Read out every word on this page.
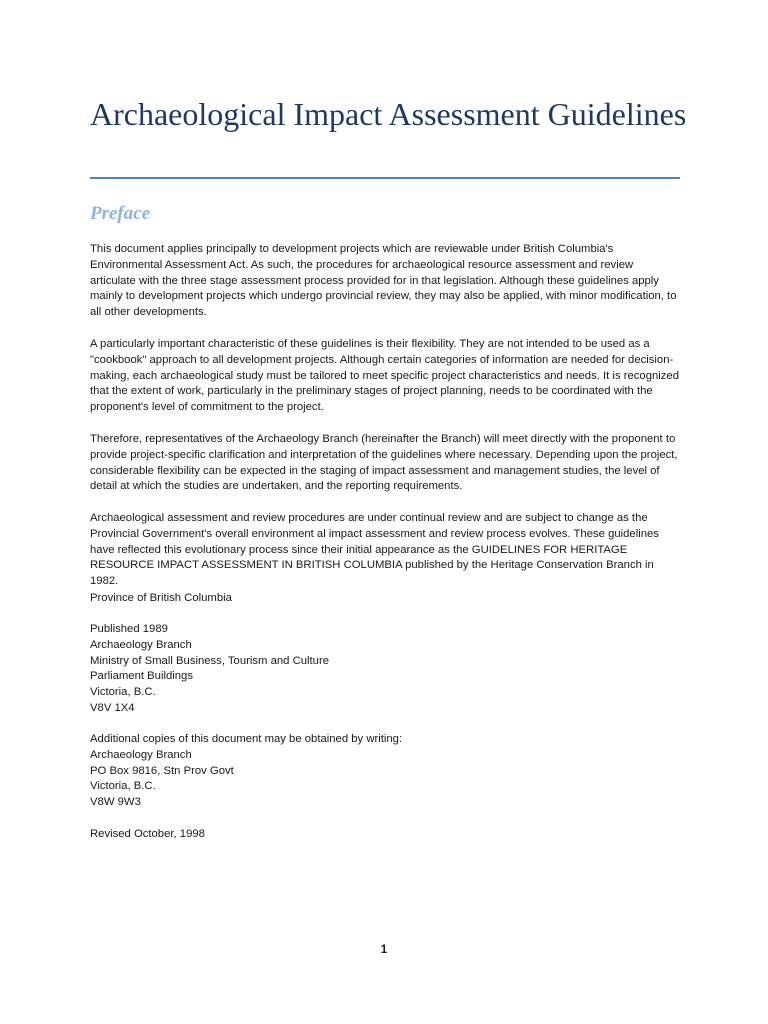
Archaeological Impact Assessment Guidelines
Preface

This document applies principally to development projects which are reviewable under British Columbia's Environmental Assessment Act. As such, the procedures for archaeological resource assessment and review articulate with the three stage assessment process provided for in that legislation. Although these guidelines apply mainly to development projects which undergo provincial review, they may also be applied, with minor modification, to all other developments.

A particularly important characteristic of these guidelines is their flexibility. They are not intended to be used as a "cookbook" approach to all development projects. Although certain categories of information are needed for decision-making, each archaeological study must be tailored to meet specific project characteristics and needs. It is recognized that the extent of work, particularly in the preliminary stages of project planning, needs to be coordinated with the proponent's level of commitment to the project.

Therefore, representatives of the Archaeology Branch (hereinafter the Branch) will meet directly with the proponent to provide project-specific clarification and interpretation of the guidelines where necessary. Depending upon the project, considerable flexibility can be expected in the staging of impact assessment and management studies, the level of detail at which the studies are undertaken, and the reporting requirements.

Archaeological assessment and review procedures are under continual review and are subject to change as the Provincial Government's overall environment al impact assessment and review process evolves. These guidelines have reflected this evolutionary process since their initial appearance as the GUIDELINES FOR HERITAGE RESOURCE IMPACT ASSESSMENT IN BRITISH COLUMBIA published by the Heritage Conservation Branch in 1982.

Province of British Columbia
Published 1989
Archaeology Branch
Ministry of Small Business, Tourism and Culture
Parliament Buildings
Victoria, B.C.
V8V 1X4
Additional copies of this document may be obtained by writing:
Archaeology Branch
PO Box 9816, Stn Prov Govt
Victoria, B.C.
V8W 9W3
Revised October, 1998
1
